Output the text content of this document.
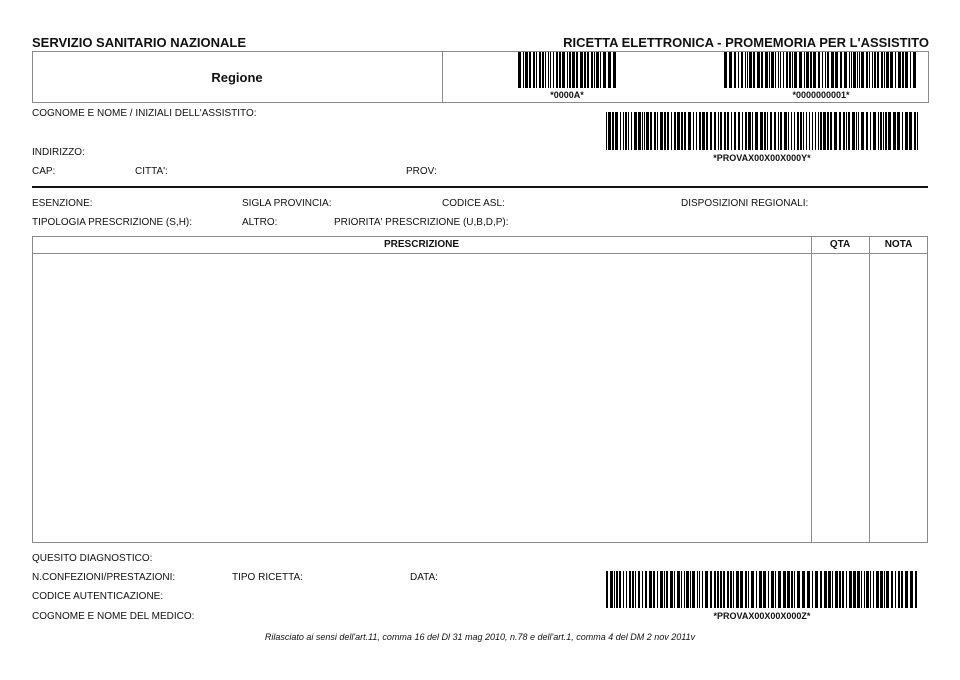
SERVIZIO SANITARIO NAZIONALE	RICETTA ELETTRONICA - PROMEMORIA PER L'ASSISTITO
Regione
*0000A*	*0000000001*
COGNOME E NOME / INIZIALI DELL'ASSISTITO:
INDIRIZZO:
CAP:	CITTA':	PROV:
*PROVAX00X00X000Y*
ESENZIONE:	SIGLA PROVINCIA:	CODICE ASL:	DISPOSIZIONI REGIONALI:
TIPOLOGIA PRESCRIZIONE (S,H):	ALTRO:	PRIORITA' PRESCRIZIONE (U,B,D,P):
PRESCRIZIONE	QTA	NOTA
QUESITO DIAGNOSTICO:
N.CONFEZIONI/PRESTAZIONI:	TIPO RICETTA:	DATA:
CODICE AUTENTICAZIONE:
COGNOME E NOME DEL MEDICO:	*PROVAX00X00X000Z*
Rilasciato ai sensi dell'art.11, comma 16 del Dl 31 mag 2010, n.78 e dell'art.1, comma 4 del DM 2 nov 2011v
